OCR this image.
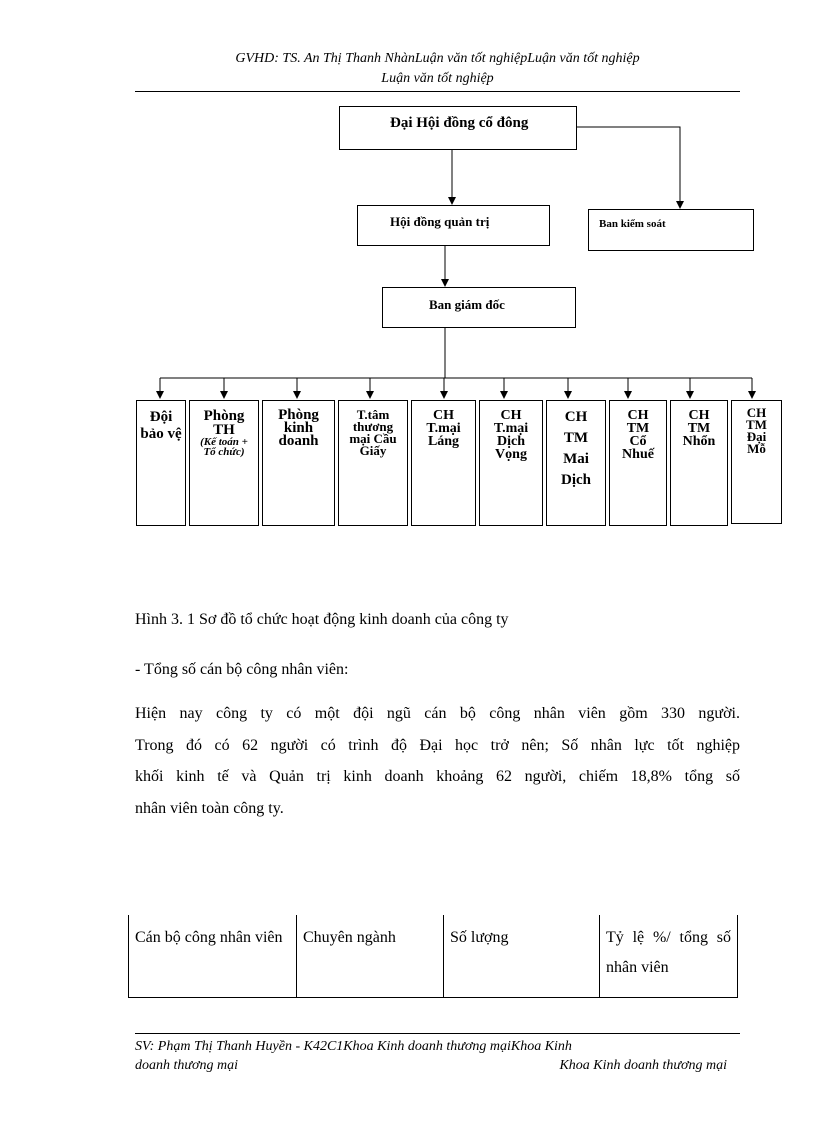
GVHD: TS. An Thị Thanh NhànLuận văn tốt nghiệpLuận văn tốt nghiệp
Luận văn tốt nghiệp
Đại Hội đồng cổ đông
Hội đồng quản trị	Ban kiểm soát
Ban giám đốc
Đội bảo vệ
Phòng TH
(Kế toán + Tổ chức)
Phòng kinh doanh
T.tâm thương mại Cầu Giấy
CH T.mại Láng
CH T.mại Dịch Vọng
CH TM Mai Dịch
CH TM Cổ Nhuế
CH TM Nhổn
CH TM Đại Mỗ
Hình 3. 1 Sơ đồ tổ chức hoạt động kinh doanh của công ty
- Tổng số cán bộ công nhân viên:
Hiện nay công ty có một đội ngũ cán bộ công nhân viên gồm 330 người.
Trong đó có 62 người có trình độ Đại học trở nên; Số nhân lực tốt nghiệp
khối kinh tế và Quản trị kinh doanh khoảng 62 người, chiếm 18,8% tổng số
nhân viên toàn công ty.
Cán bộ công nhân viên	Chuyên ngành	Số lượng	Tỷ lệ %/ tổng số nhân viên
SV: Phạm Thị Thanh Huyền - K42C1Khoa Kinh doanh thương mạiKhoa Kinh
doanh thương mại	Khoa Kinh doanh thương mại
